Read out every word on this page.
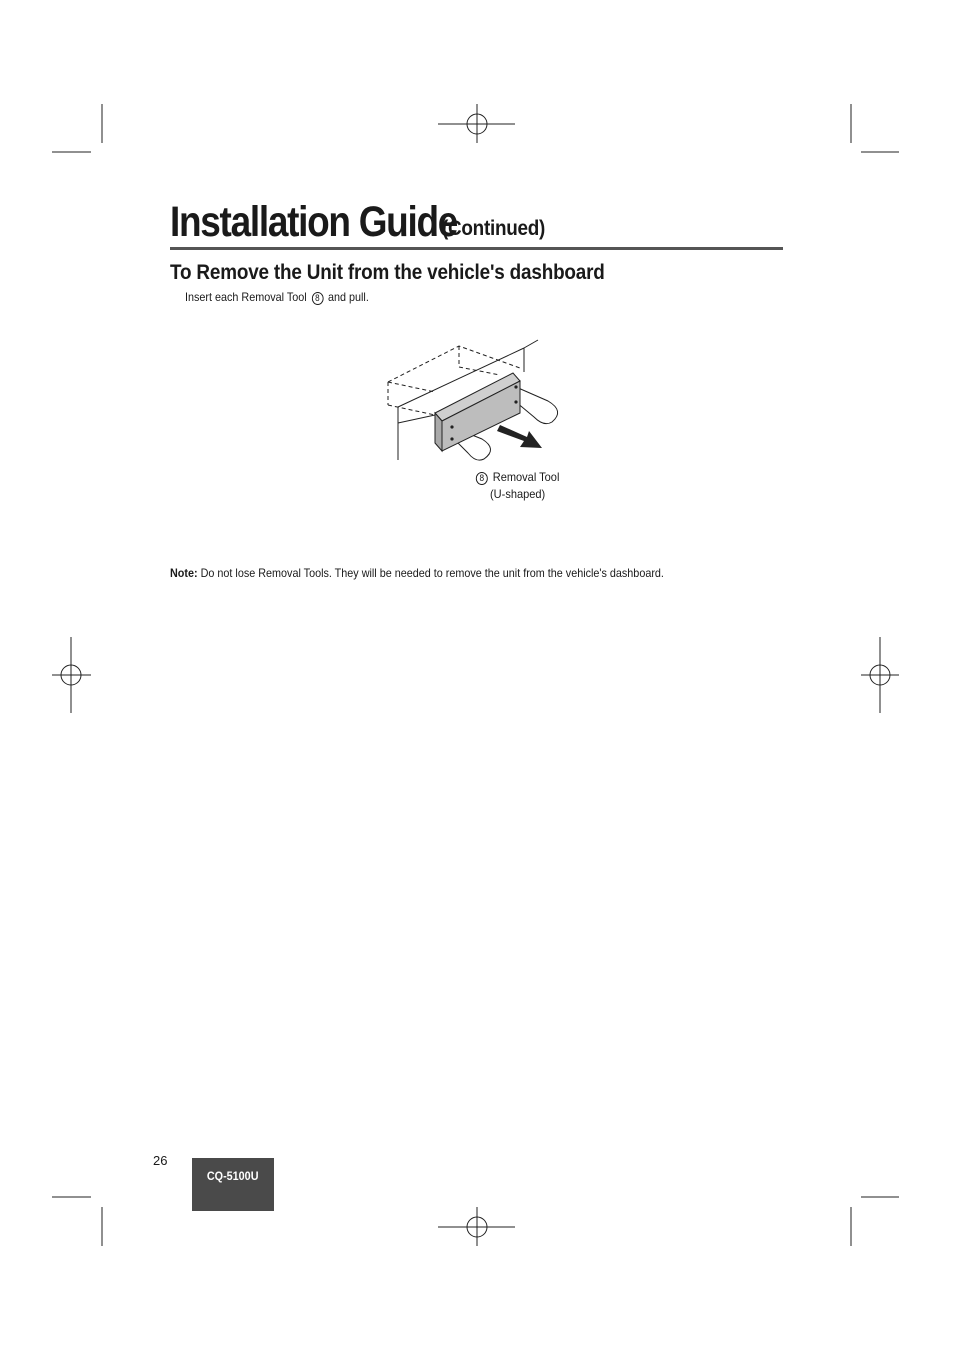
Installation Guide
(Continued)
To Remove the Unit from the vehicle's dashboard
Insert each Removal Tool 8 and pull.
8 Removal Tool
(U-shaped)
Note: Do not lose Removal Tools. They will be needed to remove the unit from the vehicle's dashboard.
26
CQ-5100U
